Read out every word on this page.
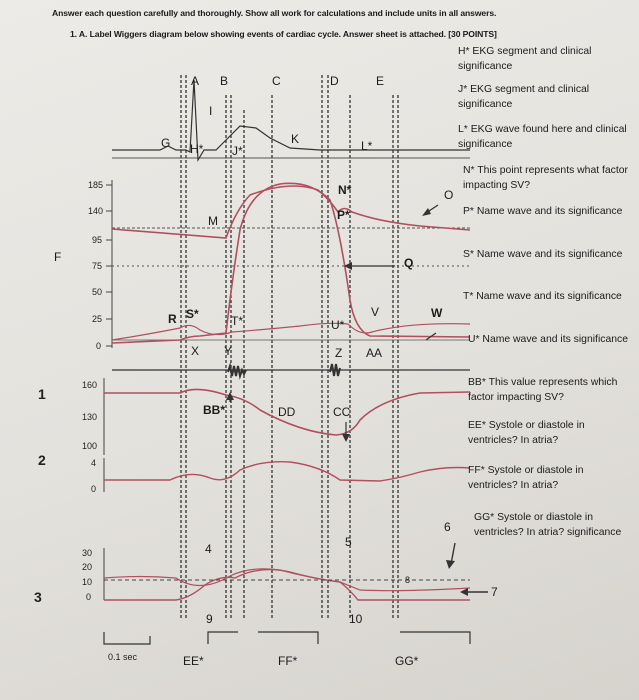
Answer each question carefully and thoroughly. Show all work for calculations and include units in all answers.
1. A. Label Wiggers diagram below showing events of cardiac cycle. Answer sheet is attached. [30 POINTS]
A B	C	D	E
I
G H* J*
K	L*
F
M
N*	O
P*
Q
R S*	T*	U*
V	W
X Y	Z AA
BB*	CC
DD
EE*	FF*	GG*
4	5
6
7
8
9	10
1
2
3
0.1 sec
185
140
95
75
50
25
0
160
130
100
4
0
30
20
10
0
H* EKG segment and clinical significance
J* EKG segment and clinical significance
L* EKG wave found here and clinical significance
N* This point represents what factor impacting SV?
P* Name wave and its significance
S* Name wave and its significance
T* Name wave and its significance
U* Name wave and its significance
BB* This value represents which factor impacting SV?
EE* Systole or diastole in ventricles? In atria?
FF* Systole or diastole in ventricles? In atria?
GG* Systole or diastole in ventricles? In atria? significance
